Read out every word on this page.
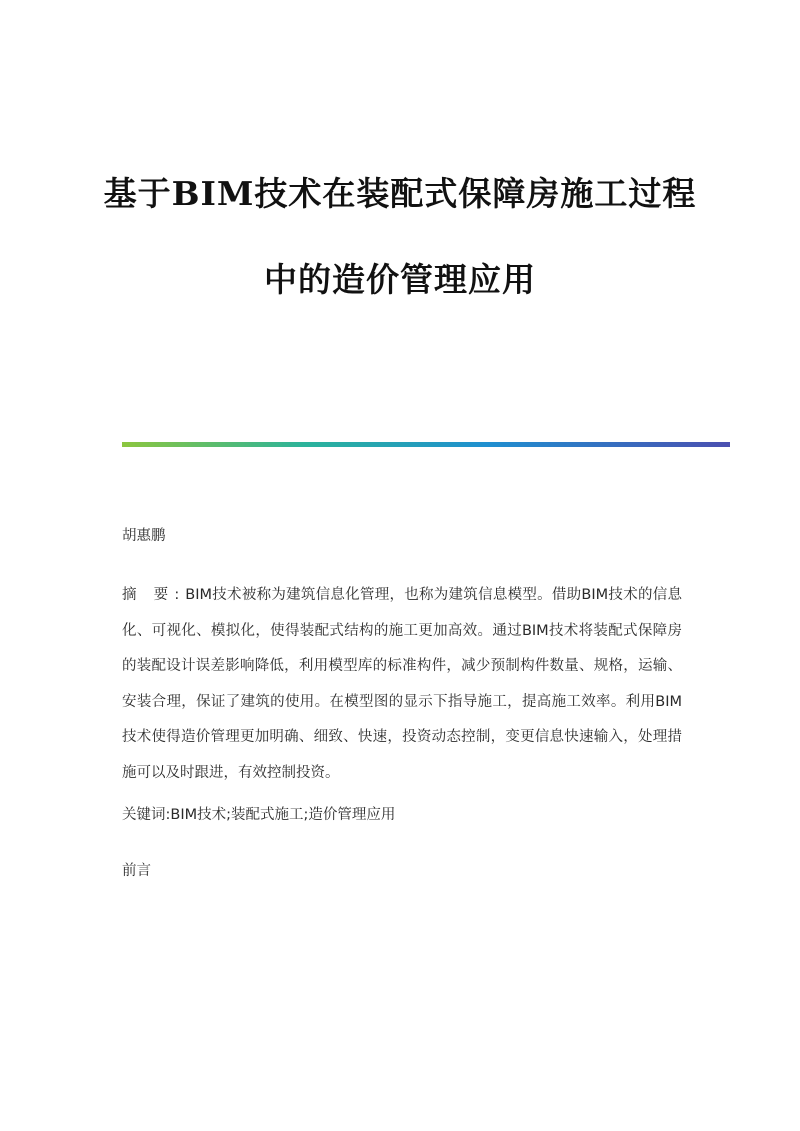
基于BIM技术在装配式保障房施工过程
中的造价管理应用
胡惠鹏

摘 要:BIM技术被称为建筑信息化管理，也称为建筑信息模型。借助BIM技术的信息化、可视化、模拟化，使得装配式结构的施工更加高效。通过BIM技术将装配式保障房的装配设计误差影响降低，利用模型库的标准构件，减少预制构件数量、规格，运输、安装合理，保证了建筑的使用。在模型图的显示下指导施工，提高施工效率。利用BIM技术使得造价管理更加明确、细致、快速，投资动态控制，变更信息快速输入，处理措施可以及时跟进，有效控制投资。

关键词:BIM技术;装配式施工;造价管理应用
前言
